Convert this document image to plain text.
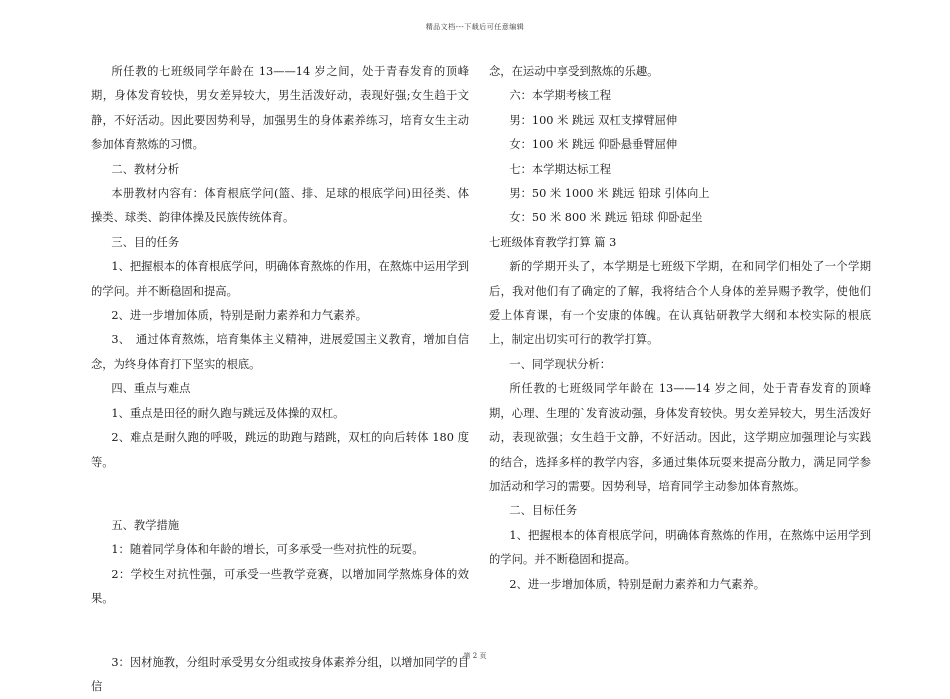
精品文档---下载后可任意编辑

所任教的七班级同学年龄在 13——14 岁之间，处于青春发育的顶峰期，身体发育较快，男女差异较大，男生活泼好动，表现好强;女生趋于文静，不好活动。因此要因势利导，加强男生的身体素养练习，培育女生主动参加体育熬炼的习惯。

二、教材分析

本册教材内容有：体育根底学问(篮、排、足球的根底学问)田径类、体操类、球类、韵律体操及民族传统体育。

三、目的任务

1、把握根本的体育根底学问，明确体育熬炼的作用，在熬炼中运用学到的学问。并不断稳固和提高。

2、进一步增加体质，特别是耐力素养和力气素养。

3、　通过体育熬炼，培育集体主义精神，进展爱国主义教育，增加自信念，为终身体育打下坚实的根底。

四、重点与难点

1、重点是田径的耐久跑与跳远及体操的双杠。

2、难点是耐久跑的呼吸，跳远的助跑与踏跳，双杠的向后转体 180 度等。

五、教学措施

1：随着同学身体和年龄的增长，可多承受一些对抗性的玩耍。

2：学校生对抗性强，可承受一些教学竞赛，以增加同学熬炼身体的效果。

3：因材施教，分组时承受男女分组或按身体素养分组，以增加同学的自信

念，在运动中享受到熬炼的乐趣。

六：本学期考核工程

男：100 米 跳远 双杠支撑臂屈伸

女：100 米 跳远 仰卧悬垂臂屈伸

七：本学期达标工程

男：50 米 1000 米 跳远 铅球 引体向上

女：50 米 800 米 跳远 铅球 仰卧起坐

七班级体育教学打算 篇 3

新的学期开头了，本学期是七班级下学期，在和同学们相处了一个学期后，我对他们有了确定的了解，我将结合个人身体的差异赐予教学，使他们爱上体育课，有一个安康的体魄。在认真钻研教学大纲和本校实际的根底上，制定出切实可行的教学打算。

一、同学现状分析：

所任教的七班级同学年龄在 13——14 岁之间，处于青春发育的顶峰期，心理、生理的`发育波动强，身体发育较快。男女差异较大，男生活泼好动，表现欲强；女生趋于文静，不好活动。因此，这学期应加强理论与实践的结合，选择多样的教学内容，多通过集体玩耍来提高分散力，满足同学参加活动和学习的需要。因势利导，培育同学主动参加体育熬炼。

二、目标任务

1、把握根本的体育根底学问，明确体育熬炼的作用，在熬炼中运用学到的学问。并不断稳固和提高。

2、进一步增加体质，特别是耐力素养和力气素养。

第 2 页
